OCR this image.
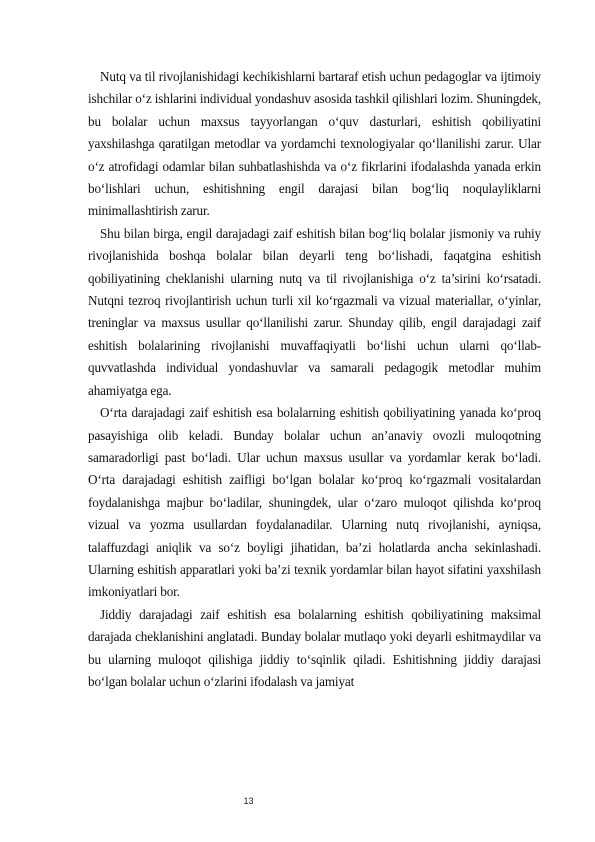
Nutq va til rivojlanishidagi kechikishlarni bartaraf etish uchun pedagoglar va ijtimoiy ishchilar o‘z ishlarini individual yondashuv asosida tashkil qilishlari lozim. Shuningdek, bu bolalar uchun maxsus tayyorlangan o‘quv dasturlari, eshitish qobiliyatini yaxshilashga qaratilgan metodlar va yordamchi texnologiyalar qo‘llanilishi zarur. Ular o‘z atrofidagi odamlar bilan suhbatlashishda va o‘z fikrlarini ifodalashda yanada erkin bo‘lishlari uchun, eshitishning engil darajasi bilan bog‘liq noqulayliklarni minimallashtirish zarur.

Shu bilan birga, engil darajadagi zaif eshitish bilan bog‘liq bolalar jismoniy va ruhiy rivojlanishida boshqa bolalar bilan deyarli teng bo‘lishadi, faqatgina eshitish qobiliyatining cheklanishi ularning nutq va til rivojlanishiga o‘z ta’sirini ko‘rsatadi. Nutqni tezroq rivojlantirish uchun turli xil ko‘rgazmali va vizual materiallar, o‘yinlar, treninglar va maxsus usullar qo‘llanilishi zarur. Shunday qilib, engil darajadagi zaif eshitish bolalarining rivojlanishi muvaffaqiyatli bo‘lishi uchun ularni qo‘llab-quvvatlashda individual yondashuvlar va samarali pedagogik metodlar muhim ahamiyatga ega.

O‘rta darajadagi zaif eshitish esa bolalarning eshitish qobiliyatining yanada ko‘proq pasayishiga olib keladi. Bunday bolalar uchun an’anaviy ovozli muloqotning samaradorligi past bo‘ladi. Ular uchun maxsus usullar va yordamlar kerak bo‘ladi. O‘rta darajadagi eshitish zaifligi bo‘lgan bolalar ko‘proq ko‘rgazmali vositalardan foydalanishga majbur bo‘ladilar, shuningdek, ular o‘zaro muloqot qilishda ko‘proq vizual va yozma usullardan foydalanadilar. Ularning nutq rivojlanishi, ayniqsa, talaffuzdagi aniqlik va so‘z boyligi jihatidan, ba’zi holatlarda ancha sekinlashadi. Ularning eshitish apparatlari yoki ba’zi texnik yordamlar bilan hayot sifatini yaxshilash imkoniyatlari bor.

Jiddiy darajadagi zaif eshitish esa bolalarning eshitish qobiliyatining maksimal darajada cheklanishini anglatadi. Bunday bolalar mutlaqo yoki deyarli eshitmaydilar va bu ularning muloqot qilishiga jiddiy to‘sqinlik qiladi. Eshitishning jiddiy darajasi bo‘lgan bolalar uchun o‘zlarini ifodalash va jamiyat

13
